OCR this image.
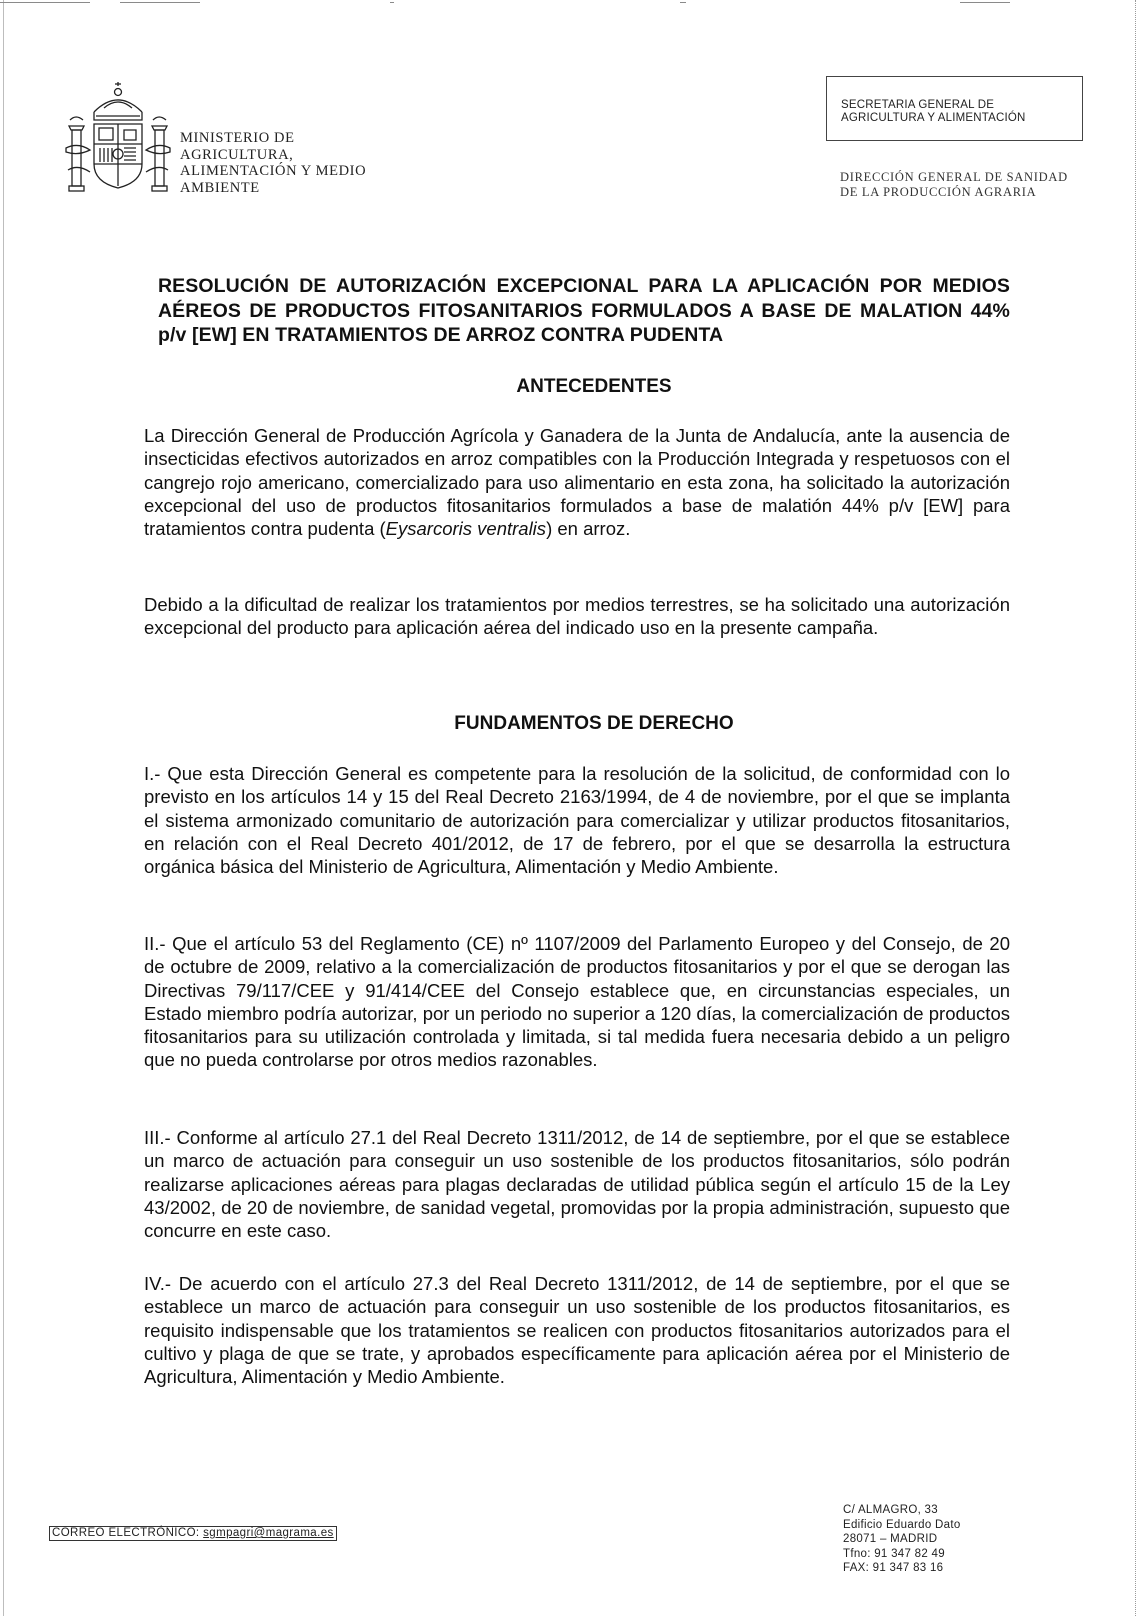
MINISTERIO DE
AGRICULTURA,
ALIMENTACIÓN Y MEDIO
AMBIENTE
SECRETARIA GENERAL DE
AGRICULTURA Y ALIMENTACIÓN
DIRECCIÓN GENERAL DE SANIDAD
DE LA PRODUCCIÓN AGRARIA
RESOLUCIÓN DE AUTORIZACIÓN EXCEPCIONAL PARA LA APLICACIÓN POR MEDIOS AÉREOS DE PRODUCTOS FITOSANITARIOS FORMULADOS A BASE DE MALATION 44% p/v [EW] EN TRATAMIENTOS DE ARROZ CONTRA PUDENTA
ANTECEDENTES
La Dirección General de Producción Agrícola y Ganadera de la Junta de Andalucía, ante la ausencia de insecticidas efectivos autorizados en arroz compatibles con la Producción Integrada y respetuosos con el cangrejo rojo americano, comercializado para uso alimentario en esta zona, ha solicitado la autorización excepcional del uso de productos fitosanitarios formulados a base de malatión 44% p/v [EW] para tratamientos contra pudenta (Eysarcoris ventralis) en arroz.
Debido a la dificultad de realizar los tratamientos por medios terrestres, se ha solicitado una autorización excepcional del producto para aplicación aérea del indicado uso en la presente campaña.
FUNDAMENTOS DE DERECHO
I.- Que esta Dirección General es competente para la resolución de la solicitud, de conformidad con lo previsto en los artículos 14 y 15 del Real Decreto 2163/1994, de 4 de noviembre, por el que se implanta el sistema armonizado comunitario de autorización para comercializar y utilizar productos fitosanitarios, en relación con el Real Decreto 401/2012, de 17 de febrero, por el que se desarrolla la estructura orgánica básica del Ministerio de Agricultura, Alimentación y Medio Ambiente.
II.- Que el artículo 53 del Reglamento (CE) nº 1107/2009 del Parlamento Europeo y del Consejo, de 20 de octubre de 2009, relativo a la comercialización de productos fitosanitarios y por el que se derogan las Directivas 79/117/CEE y 91/414/CEE del Consejo establece que, en circunstancias especiales, un Estado miembro podría autorizar, por un periodo no superior a 120 días, la comercialización de productos fitosanitarios para su utilización controlada y limitada, si tal medida fuera necesaria debido a un peligro que no pueda controlarse por otros medios razonables.
III.- Conforme al artículo 27.1 del Real Decreto 1311/2012, de 14 de septiembre, por el que se establece un marco de actuación para conseguir un uso sostenible de los productos fitosanitarios, sólo podrán realizarse aplicaciones aéreas para plagas declaradas de utilidad pública según el artículo 15 de la Ley 43/2002, de 20 de noviembre, de sanidad vegetal, promovidas por la propia administración, supuesto que concurre en este caso.
IV.- De acuerdo con el artículo 27.3 del Real Decreto 1311/2012, de 14 de septiembre, por el que se establece un marco de actuación para conseguir un uso sostenible de los productos fitosanitarios, es requisito indispensable que los tratamientos se realicen con productos fitosanitarios autorizados para el cultivo y plaga de que se trate, y aprobados específicamente para aplicación aérea por el Ministerio de Agricultura, Alimentación y Medio Ambiente.
CORREO ELECTRÓNICO: sgmpagri@magrama.es
C/ ALMAGRO, 33
Edificio Eduardo Dato
28071 – MADRID
Tfno: 91 347 82 49
FAX: 91 347 83 16
